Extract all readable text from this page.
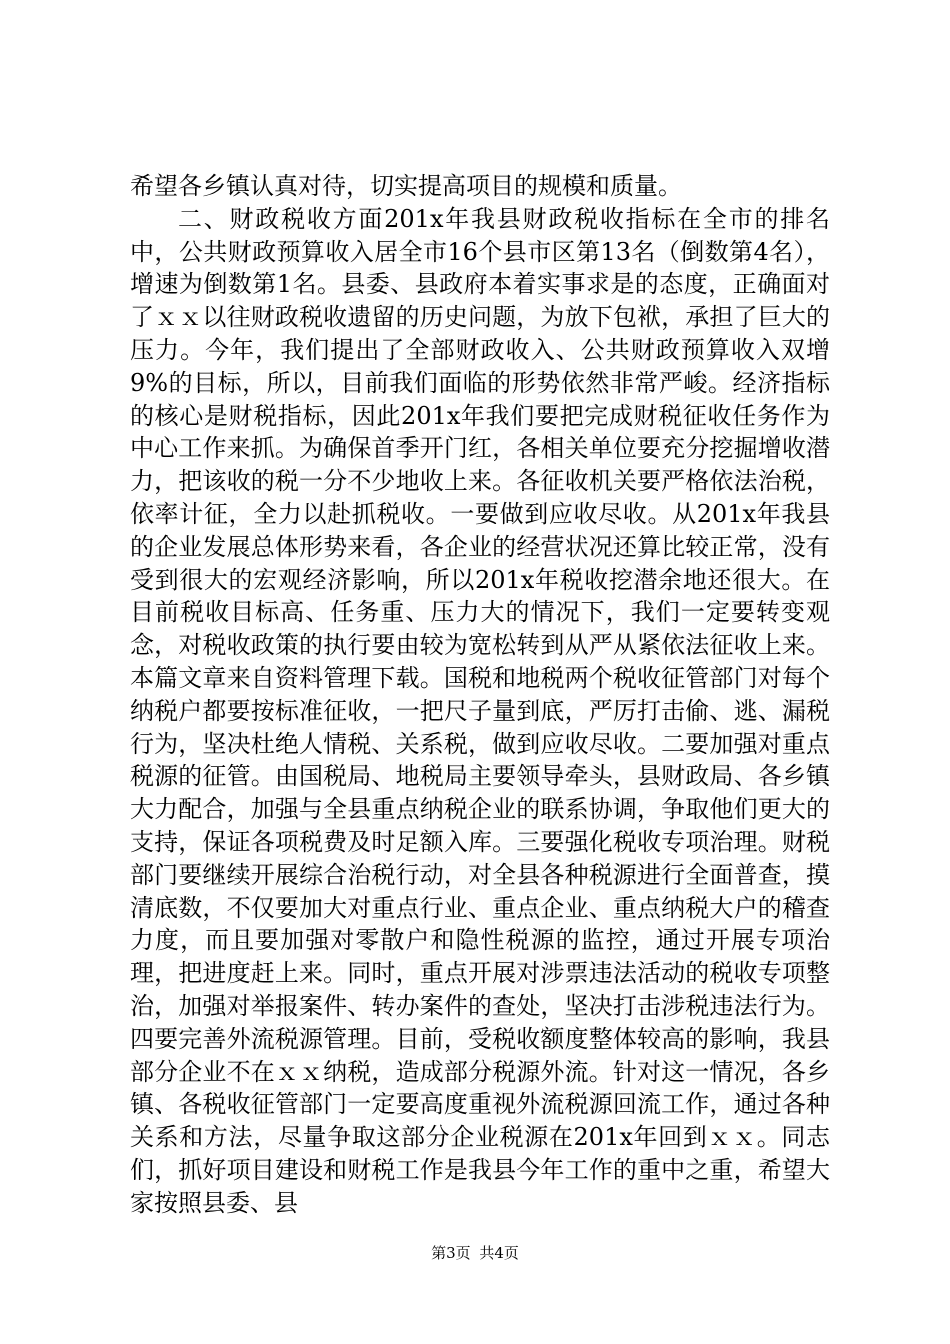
希望各乡镇认真对待，切实提高项目的规模和质量。

二、财政税收方面201x年我县财政税收指标在全市的排名中，公共财政预算收入居全市16个县市区第13名（倒数第4名），增速为倒数第1名。县委、县政府本着实事求是的态度，正确面对了ｘｘ以往财政税收遗留的历史问题，为放下包袱，承担了巨大的压力。今年，我们提出了全部财政收入、公共财政预算收入双增9%的目标，所以，目前我们面临的形势依然非常严峻。经济指标的核心是财税指标，因此201x年我们要把完成财税征收任务作为中心工作来抓。为确保首季开门红，各相关单位要充分挖掘增收潜力，把该收的税一分不少地收上来。各征收机关要严格依法治税，依率计征，全力以赴抓税收。一要做到应收尽收。从201x年我县的企业发展总体形势来看，各企业的经营状况还算比较正常，没有受到很大的宏观经济影响，所以201x年税收挖潜余地还很大。在目前税收目标高、任务重、压力大的情况下，我们一定要转变观念，对税收政策的执行要由较为宽松转到从严从紧依法征收上来。本篇文章来自资料管理下载。国税和地税两个税收征管部门对每个纳税户都要按标准征收，一把尺子量到底，严厉打击偷、逃、漏税行为，坚决杜绝人情税、关系税，做到应收尽收。二要加强对重点税源的征管。由国税局、地税局主要领导牵头，县财政局、各乡镇大力配合，加强与全县重点纳税企业的联系协调，争取他们更大的支持，保证各项税费及时足额入库。三要强化税收专项治理。财税部门要继续开展综合治税行动，对全县各种税源进行全面普查，摸清底数，不仅要加大对重点行业、重点企业、重点纳税大户的稽查力度，而且要加强对零散户和隐性税源的监控，通过开展专项治理，把进度赶上来。同时，重点开展对涉票违法活动的税收专项整治，加强对举报案件、转办案件的查处，坚决打击涉税违法行为。四要完善外流税源管理。目前，受税收额度整体较高的影响，我县部分企业不在ｘｘ纳税，造成部分税源外流。针对这一情况，各乡镇、各税收征管部门一定要高度重视外流税源回流工作，通过各种关系和方法，尽量争取这部分企业税源在201x年回到ｘｘ。同志们，抓好项目建设和财税工作是我县今年工作的重中之重，希望大家按照县委、县

第3页 共4页
